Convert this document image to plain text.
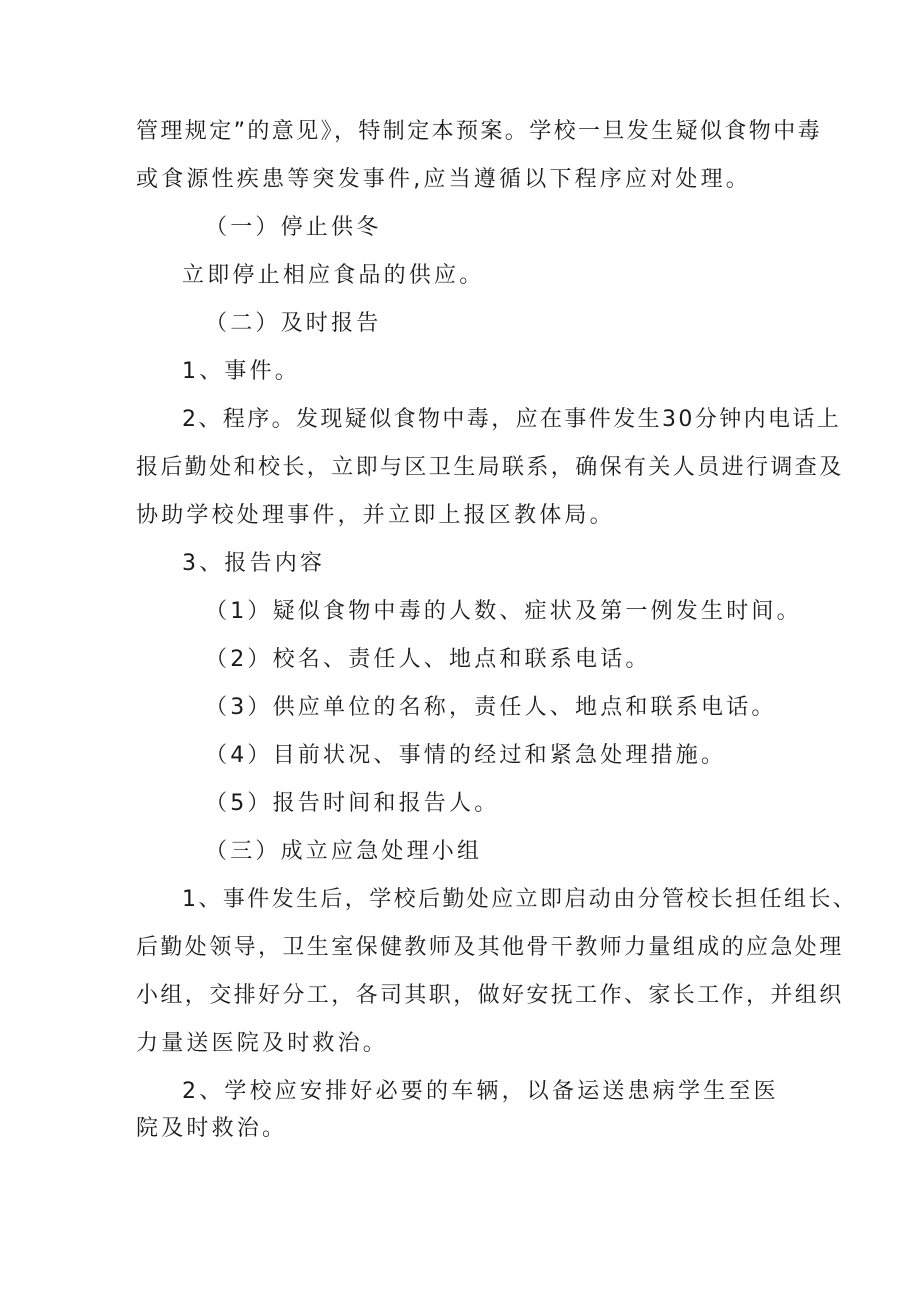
管理规定”的意见》，特制定本预案。学校一旦发生疑似食物中毒
或食源性疾患等突发事件,应当遵循以下程序应对处理。
（一）停止供冬
立即停止相应食品的供应。
（二）及时报告
1、事件。
2、程序。发现疑似食物中毒，应在事件发生30分钟内电话上
报后勤处和校长，立即与区卫生局联系，确保有关人员进行调查及
协助学校处理事件，并立即上报区教体局。
3、报告内容
（1）疑似食物中毒的人数、症状及第一例发生时间。
（2）校名、责任人、地点和联系电话。
（3）供应单位的名称，责任人、地点和联系电话。
（4）目前状况、事情的经过和紧急处理措施。
（5）报告时间和报告人。
（三）成立应急处理小组
1、事件发生后，学校后勤处应立即启动由分管校长担任组长、
后勤处领导，卫生室保健教师及其他骨干教师力量组成的应急处理
小组，交排好分工，各司其职，做好安抚工作、家长工作，并组织
力量送医院及时救治。
2、学校应安排好必要的车辆，以备运送患病学生至医
院及时救治。
